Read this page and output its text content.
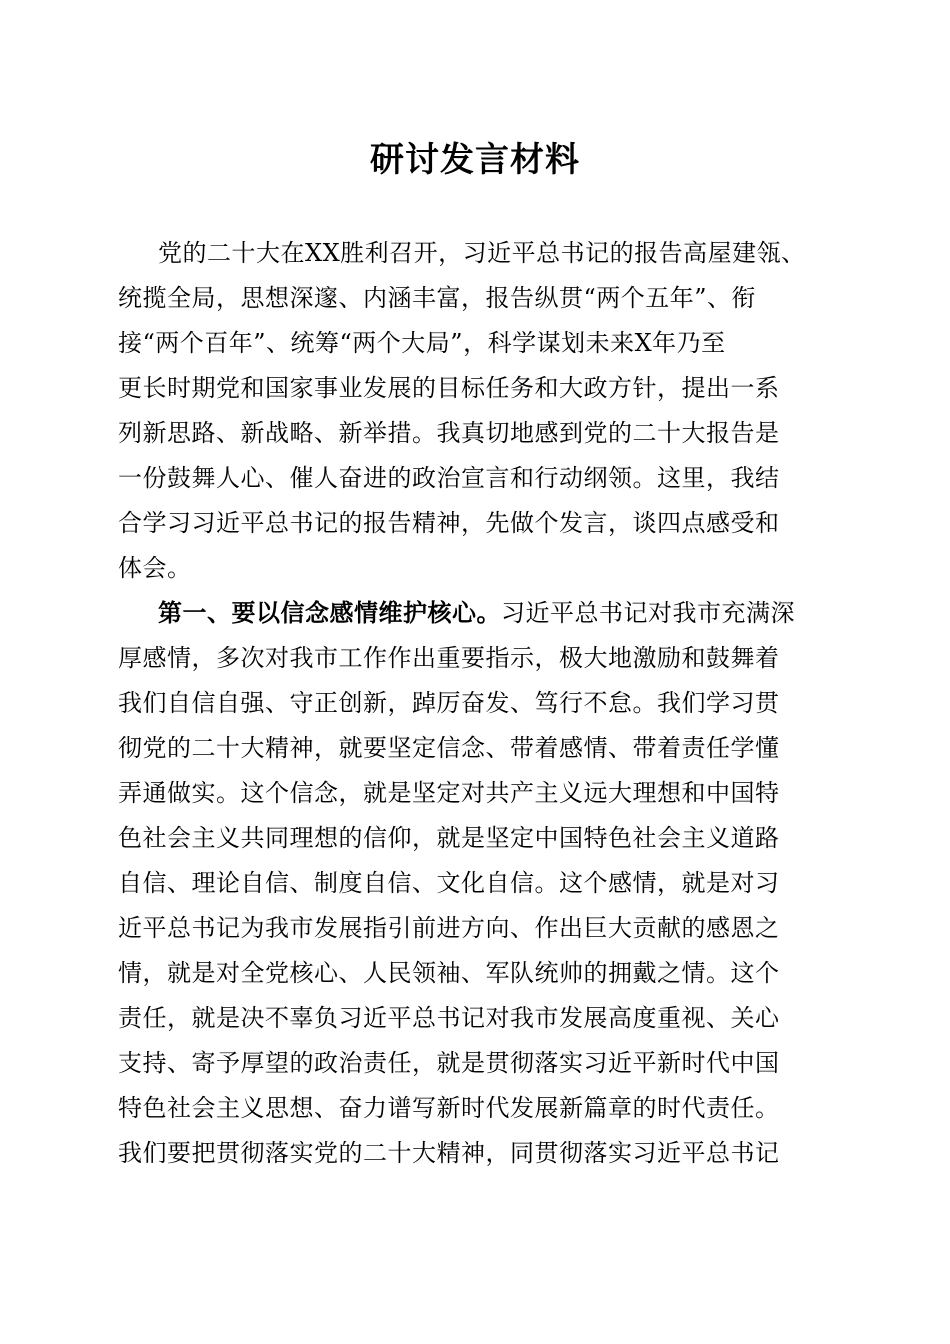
研讨发言材料

党的二十大在XX胜利召开，习近平总书记的报告高屋建瓴、

统揽全局，思想深邃、内涵丰富，报告纵贯“两个五年”、衔

接“两个百年”、统筹“两个大局”，科学谋划未来X年乃至

更长时期党和国家事业发展的目标任务和大政方针，提出一系

列新思路、新战略、新举措。我真切地感到党的二十大报告是

一份鼓舞人心、催人奋进的政治宣言和行动纲领。这里，我结

合学习习近平总书记的报告精神，先做个发言，谈四点感受和

体会。

第一、要以信念感情维护核心。习近平总书记对我市充满深

厚感情，多次对我市工作作出重要指示，极大地激励和鼓舞着

我们自信自强、守正创新，踔厉奋发、笃行不怠。我们学习贯

彻党的二十大精神，就要坚定信念、带着感情、带着责任学懂

弄通做实。这个信念，就是坚定对共产主义远大理想和中国特

色社会主义共同理想的信仰，就是坚定中国特色社会主义道路

自信、理论自信、制度自信、文化自信。这个感情，就是对习

近平总书记为我市发展指引前进方向、作出巨大贡献的感恩之

情，就是对全党核心、人民领袖、军队统帅的拥戴之情。这个

责任，就是决不辜负习近平总书记对我市发展高度重视、关心

支持、寄予厚望的政治责任，就是贯彻落实习近平新时代中国

特色社会主义思想、奋力谱写新时代发展新篇章的时代责任。

我们要把贯彻落实党的二十大精神，同贯彻落实习近平总书记
